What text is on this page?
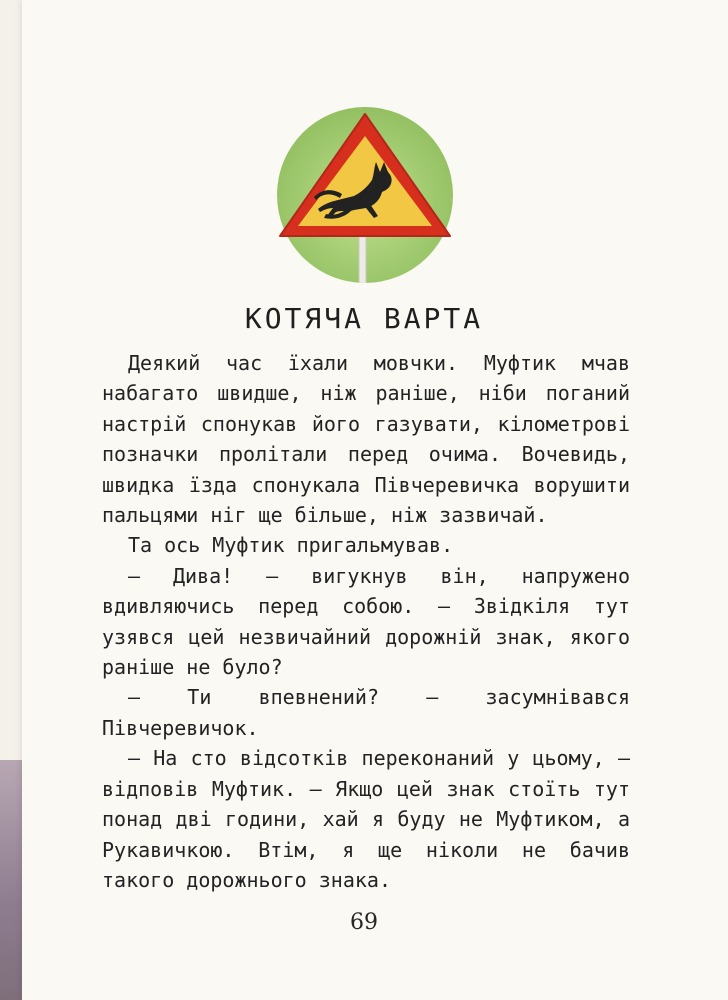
КОТЯЧА ВАРТА

Деякий час їхали мовчки. Муфтик мчав набагато швидше, ніж раніше, ніби поганий настрій спонукав його газувати, кілометрові позначки пролітали перед очима. Вочевидь, швидка їзда спонукала Півчеревичка ворушити пальцями ніг ще більше, ніж зазвичай.

Та ось Муфтик пригальмував.

— Дива! — вигукнув він, напружено вдивляючись перед собою. — Звідкіля тут узявся цей незвичайний дорожній знак, якого раніше не було?

— Ти впевнений? — засумнівався Півчеревичок.

— На сто відсотків переконаний у цьому, — відповів Муфтик. — Якщо цей знак стоїть тут понад дві години, хай я буду не Муфтиком, а Рукавичкою. Втім, я ще ніколи не бачив такого дорожнього знака.

69
